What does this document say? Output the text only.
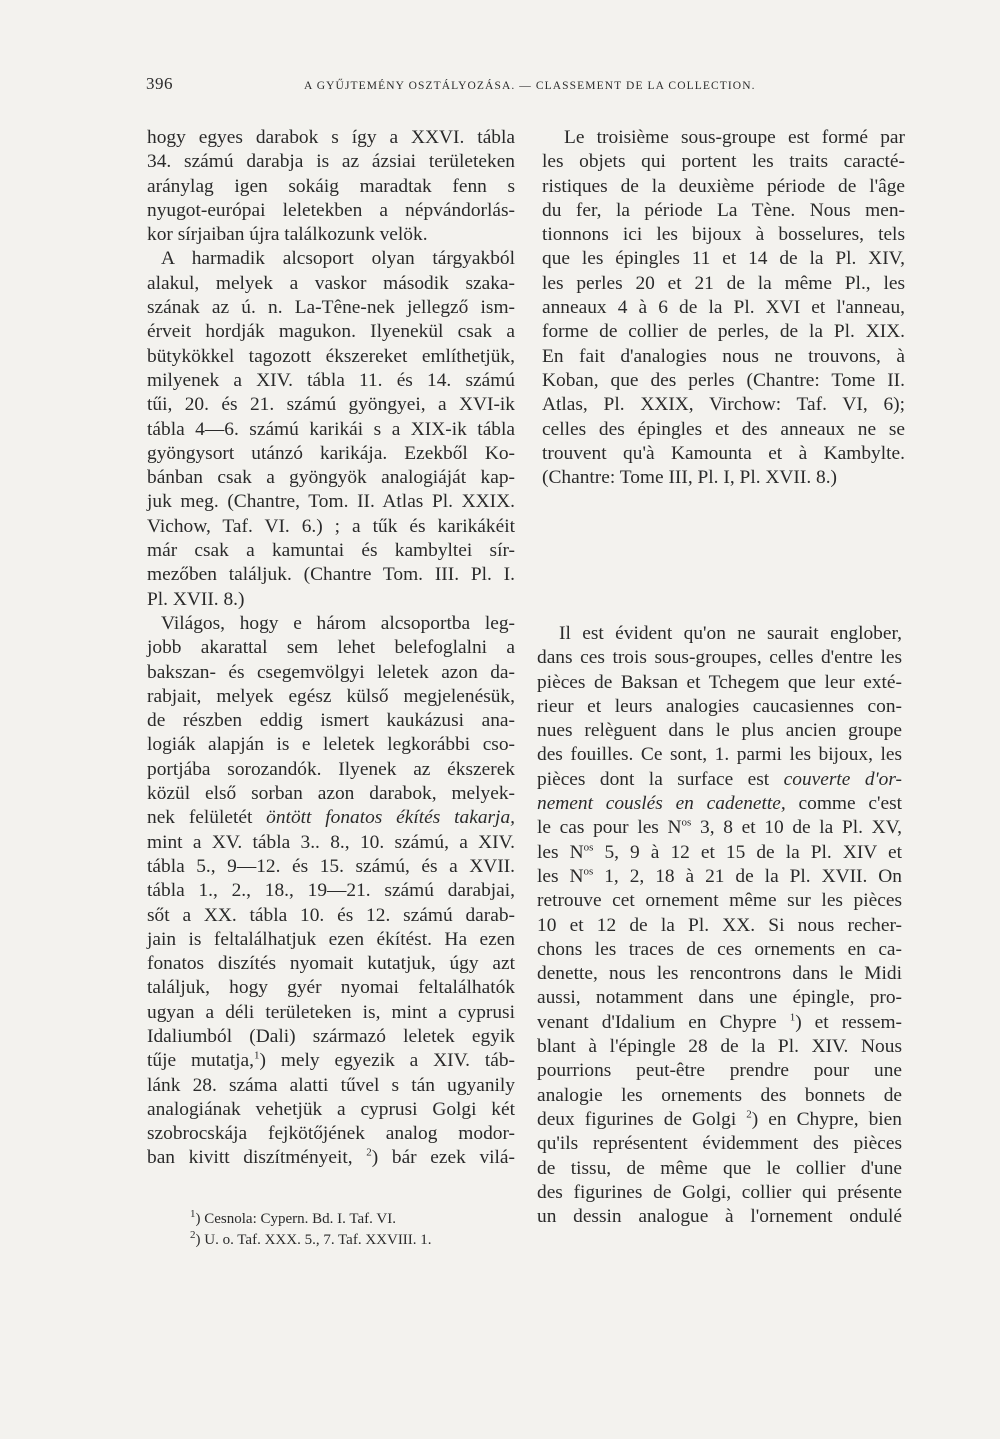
396	A GYŰJTEMÉNY OSZTÁLYOZÁSA. — CLASSEMENT DE LA COLLECTION.
hogy egyes darabok s így a XXVI. tábla
34. számú darabja is az ázsiai területeken
aránylag igen sokáig maradtak fenn s
nyugot-európai leletekben a népvándorlás-
kor sírjaiban újra találkozunk velök.
A harmadik alcsoport olyan tárgyakból
alakul, melyek a vaskor második szaka-
szának az ú. n. La-Têne-nek jellegző ism-
érveit hordják magukon. Ilyenekül csak a
bütykökkel tagozott ékszereket említhetjük,
milyenek a XIV. tábla 11. és 14. számú
tűi, 20. és 21. számú gyöngyei, a XVI-ik
tábla 4—6. számú karikái s a XIX-ik tábla
gyöngysort utánzó karikája. Ezekből Ko-
bánban csak a gyöngyök analogiáját kap-
juk meg. (Chantre, Tom. II. Atlas Pl. XXIX.
Vichow, Taf. VI. 6.) ; a tűk és karikákéit
már csak a kamuntai és kambyltei sír-
mezőben találjuk. (Chantre Tom. III. Pl. I.
Pl. XVII. 8.)
Világos, hogy e három alcsoportba leg-
jobb akarattal sem lehet belefoglalni a
bakszan- és csegemvölgyi leletek azon da-
rabjait, melyek egész külső megjelenésük,
de részben eddig ismert kaukázusi ana-
logiák alapján is e leletek legkorábbi cso-
portjába sorozandók. Ilyenek az ékszerek
közül első sorban azon darabok, melyek-
nek felületét öntött fonatos ékítés takarja,
mint a XV. tábla 3.. 8., 10. számú, a XIV.
tábla 5., 9—12. és 15. számú, és a XVII.
tábla 1., 2., 18., 19—21. számú darabjai,
sőt a XX. tábla 10. és 12. számú darab-
jain is feltalálhatjuk ezen ékítést. Ha ezen
fonatos diszítés nyomait kutatjuk, úgy azt
találjuk, hogy gyér nyomai feltalálhatók
ugyan a déli területeken is, mint a cyprusi
Idaliumból (Dali) származó leletek egyik
tűje mutatja,$^1$) mely egyezik a XIV. táb-
lánk 28. száma alatti tűvel s tán ugyanily
analogiának vehetjük a cyprusi Golgi két
szobrocskája fejkötőjének analog modor-
ban kivitt diszítményeit, $^2$) bár ezek vilá-
Le troisième sous-groupe est formé par
les objets qui portent les traits caracté-
ristiques de la deuxième période de l'âge
du fer, la période La Tène. Nous men-
tionnons ici les bijoux à bosselures, tels
que les épingles 11 et 14 de la Pl. XIV,
les perles 20 et 21 de la même Pl., les
anneaux 4 à 6 de la Pl. XVI et l'anneau,
forme de collier de perles, de la Pl. XIX.
En fait d'analogies nous ne trouvons, à
Koban, que des perles (Chantre: Tome II.
Atlas, Pl. XXIX, Virchow: Taf. VI, 6);
celles des épingles et des anneaux ne se
trouvent qu'à Kamounta et à Kambylte.
(Chantre: Tome III, Pl. I, Pl. XVII. 8.)
Il est évident qu'on ne saurait englober,
dans ces trois sous-groupes, celles d'entre les
pièces de Baksan et Tchegem que leur exté-
rieur et leurs analogies caucasiennes con-
nues relèguent dans le plus ancien groupe
des fouilles. Ce sont, 1. parmi les bijoux, les
pièces dont la surface est couverte d'or-
nement couslés en cadenette, comme c'est
le cas pour les $N^{os}$ 3, 8 et 10 de la Pl. XV,
les $N^{os}$ 5, 9 à 12 et 15 de la Pl. XIV et
les $N^{os}$ 1, 2, 18 à 21 de la Pl. XVII. On
retrouve cet ornement même sur les pièces
10 et 12 de la Pl. XX. Si nous recher-
chons les traces de ces ornements en ca-
denette, nous les rencontrons dans le Midi
aussi, notamment dans une épingle, pro-
venant d'Idalium en Chypre $^1$) et ressem-
blant à l'épingle 28 de la Pl. XIV. Nous
pourrions peut-être prendre pour une
analogie les ornements des bonnets de
deux figurines de Golgi $^2$) en Chypre, bien
qu'ils représentent évidemment des pièces
de tissu, de même que le collier d'une
des figurines de Golgi, collier qui présente
un dessin analogue à l'ornement ondulé
$^1$) Cesnola: Cypern. Bd. I. Taf. VI.
$^2$) U. o. Taf. XXX. 5., 7. Taf. XXVIII. 1.
